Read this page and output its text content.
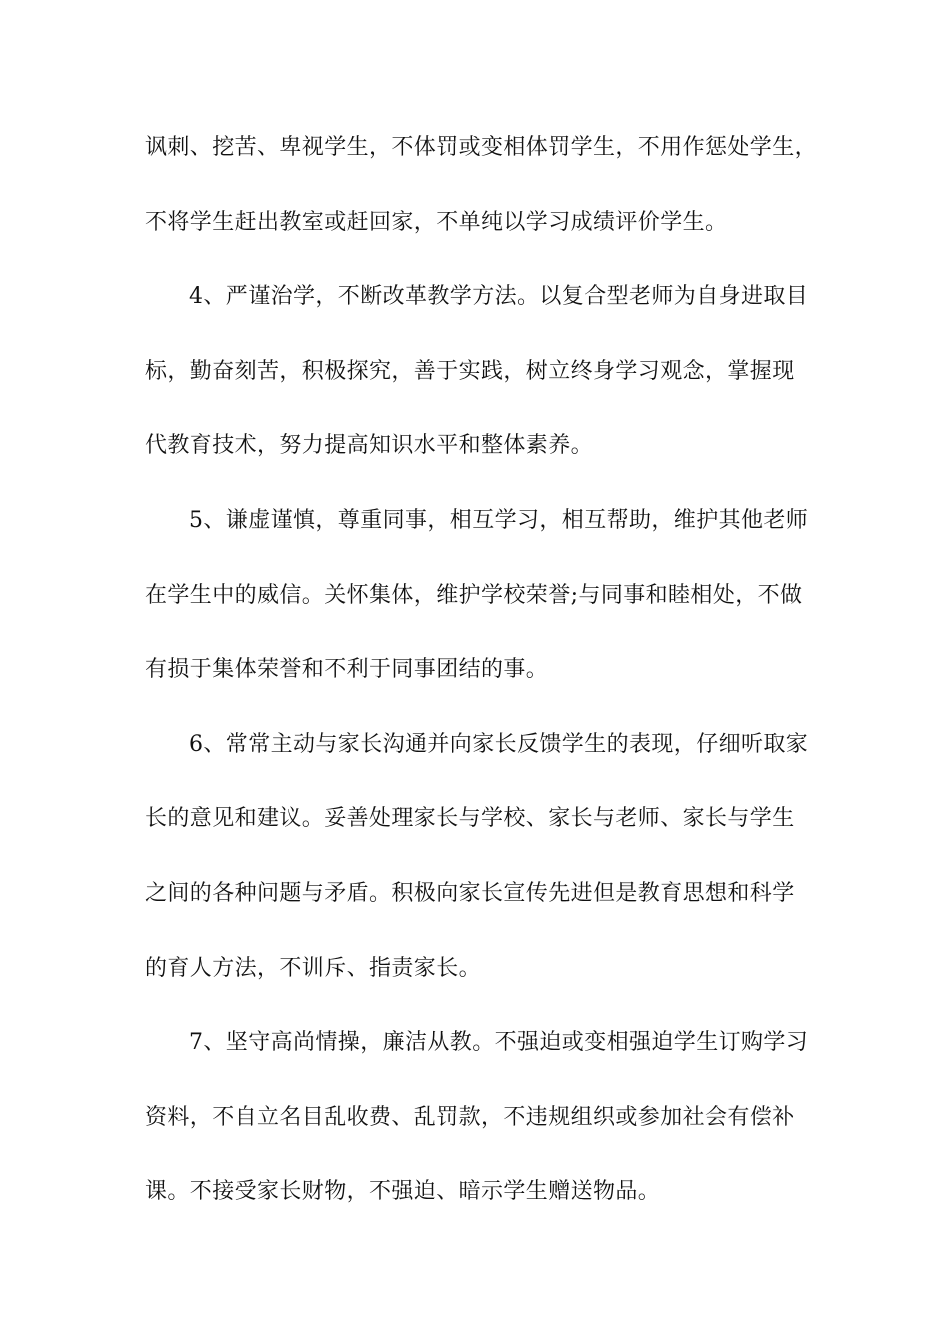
讽刺、挖苦、卑视学生，不体罚或变相体罚学生，不用作惩处学生，
不将学生赶出教室或赶回家，不单纯以学习成绩评价学生。
4、严谨治学，不断改革教学方法。以复合型老师为自身进取目
标，勤奋刻苦，积极探究，善于实践，树立终身学习观念，掌握现
代教育技术，努力提高知识水平和整体素养。
5、谦虚谨慎，尊重同事，相互学习，相互帮助，维护其他老师
在学生中的威信。关怀集体，维护学校荣誉;与同事和睦相处，不做
有损于集体荣誉和不利于同事团结的事。
6、常常主动与家长沟通并向家长反馈学生的表现，仔细听取家
长的意见和建议。妥善处理家长与学校、家长与老师、家长与学生
之间的各种问题与矛盾。积极向家长宣传先进但是教育思想和科学
的育人方法，不训斥、指责家长。
7、坚守高尚情操，廉洁从教。不强迫或变相强迫学生订购学习
资料，不自立名目乱收费、乱罚款，不违规组织或参加社会有偿补
课。不接受家长财物，不强迫、暗示学生赠送物品。
